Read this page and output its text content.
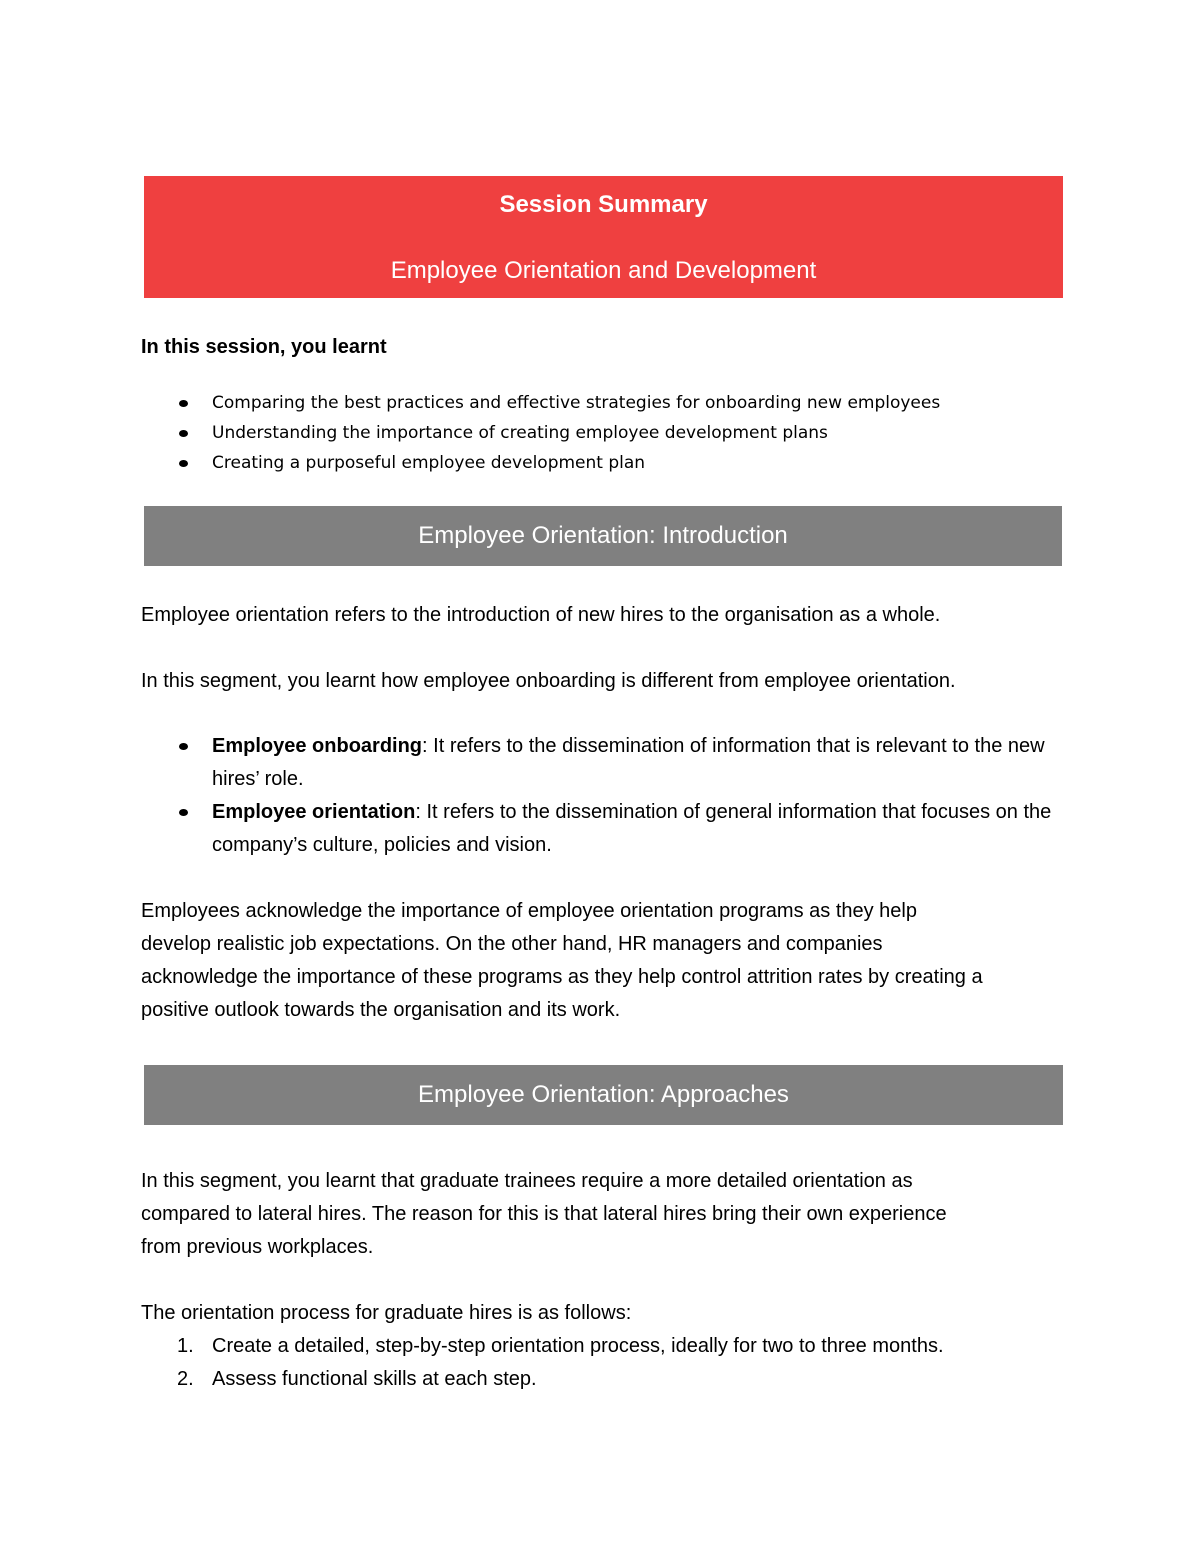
Session Summary
Employee Orientation and Development
In this session, you learnt
Comparing the best practices and effective strategies for onboarding new employees
Understanding the importance of creating employee development plans
Creating a purposeful employee development plan
Employee Orientation: Introduction
Employee orientation refers to the introduction of new hires to the organisation as a whole.
In this segment, you learnt how employee onboarding is different from employee orientation.
Employee onboarding: It refers to the dissemination of information that is relevant to the new hires’ role.
Employee orientation: It refers to the dissemination of general information that focuses on the company’s culture, policies and vision.
Employees acknowledge the importance of employee orientation programs as they help
develop realistic job expectations. On the other hand, HR managers and companies
acknowledge the importance of these programs as they help control attrition rates by creating a
positive outlook towards the organisation and its work.
Employee Orientation: Approaches
In this segment, you learnt that graduate trainees require a more detailed orientation as
compared to lateral hires. The reason for this is that lateral hires bring their own experience
from previous workplaces.
The orientation process for graduate hires is as follows:
1. Create a detailed, step-by-step orientation process, ideally for two to three months.
2. Assess functional skills at each step.
